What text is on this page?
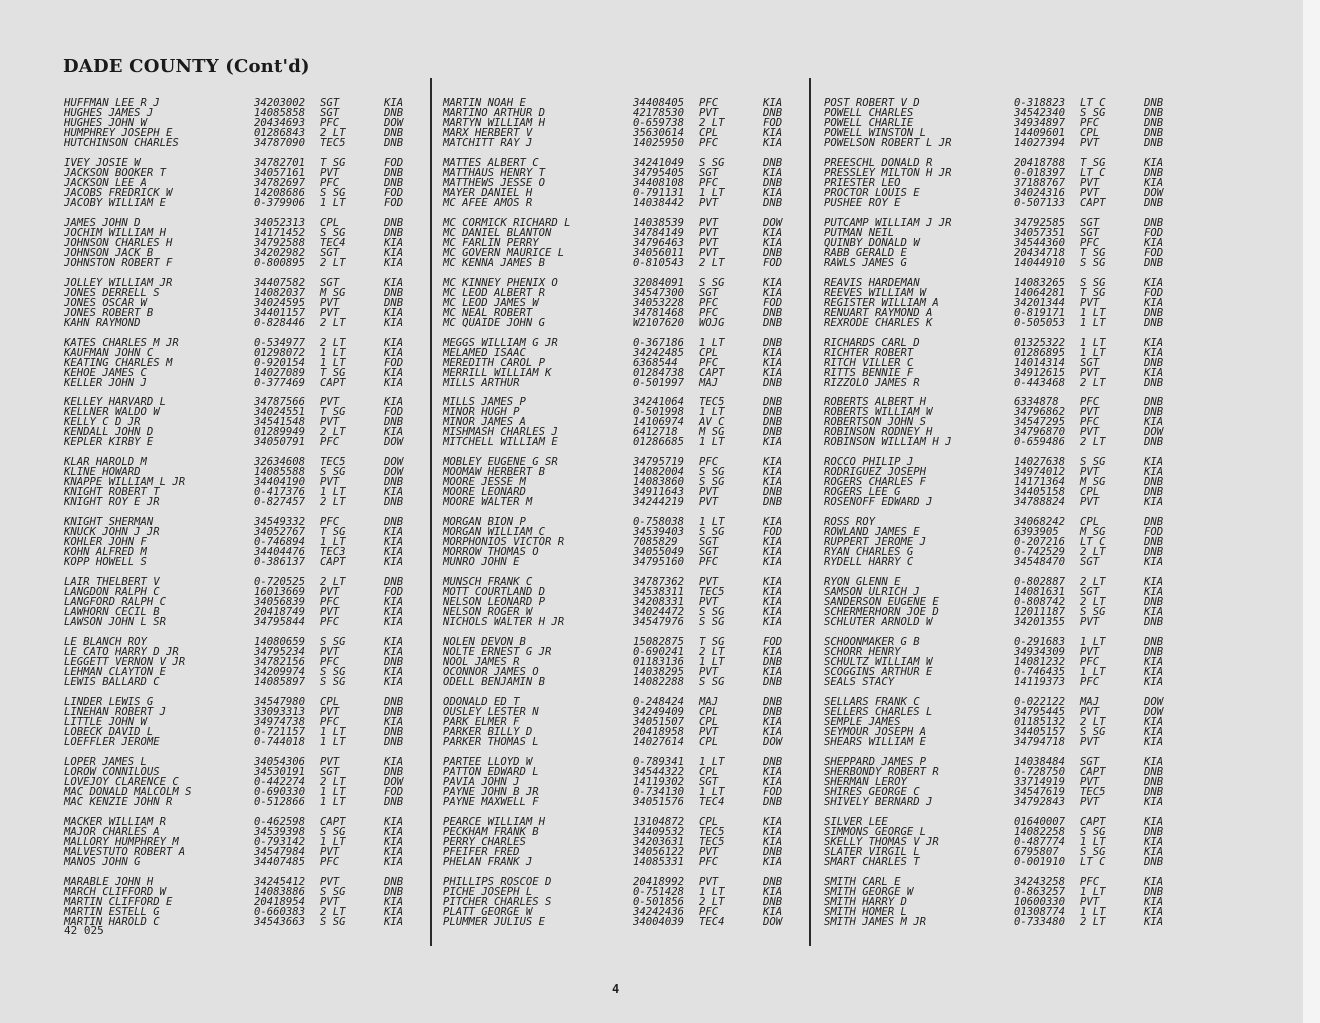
DADE COUNTY (Cont'd)
HUFFMAN LEE R J	34203002 SGT	KIA
HUGHES JAMES J	14085858 SGT	DNB
HUGHES JOHN W	20434693 PFC	DOW
HUMPHREY JOSEPH E	01286843 2 LT	DNB
HUTCHINSON CHARLES	34787090 TEC5	DNB
IVEY JOSIE W	34782701 T SG	FOD
JACKSON BOOKER T	34057161 PVT	DNB
JACKSON LEE A	34782697 PFC	DNB
JACOBS FREDRICK W	14208686 S SG	FOD
JACOBY WILLIAM E	0-379906 1 LT	FOD
JAMES JOHN D	34052313 CPL	DNB
JOCHIM WILLIAM H	14171452 S SG	DNB
JOHNSON CHARLES H	34792588 TEC4	KIA
JOHNSON JACK B	34202982 SGT	KIA
JOHNSTON ROBERT F	0-800895 2 LT	KIA
JOLLEY WILLIAM JR	34407582 SGT	KIA
JONES DERRELL S	14082037 M SG	DNB
JONES OSCAR W	34024595 PVT	DNB
JONES ROBERT B	34401157 PVT	KIA
KAHN RAYMOND	0-828446 2 LT	KIA
KATES CHARLES M JR	0-534977 2 LT	KIA
KAUFMAN JOHN C	01298072 1 LT	KIA
KEATING CHARLES M	0-920154 1 LT	FOD
KEHOE JAMES C	14027089 T SG	KIA
KELLER JOHN J	0-377469 CAPT	KIA
KELLEY HARVARD L	34787566 PVT	KIA
KELLNER WALDO W	34024551 T SG	FOD
KELLY C D JR	34541548 PVT	DNB
KENDALL JOHN D	01289949 2 LT	KIA
KEPLER KIRBY E	34050791 PFC	DOW
KLAR HAROLD M	32634608 TEC5	DOW
KLINE HOWARD	14085588 S SG	DOW
KNAPPE WILLIAM L JR	34404190 PVT	DNB
KNIGHT ROBERT T	0-417376 1 LT	KIA
KNIGHT ROY E JR	0-827457 2 LT	DNB
KNIGHT SHERMAN	34549332 PFC	DNB
KNUCK JOHN J JR	34052767 T SG	KIA
KOHLER JOHN F	0-746894 1 LT	KIA
KOHN ALFRED M	34404476 TEC3	KIA
KOPP HOWELL S	0-386137 CAPT	KIA
LAIR THELBERT V	0-720525 2 LT	DNB
LANGDON RALPH C	16013669 PVT	FOD
LANGFORD RALPH C	34056839 PFC	KIA
LAWHORN CECIL B	20418749 PVT	KIA
LAWSON JOHN L SR	34795844 PFC	KIA
LE BLANCH ROY	14080659 S SG	KIA
LE CATO HARRY D JR	34795234 PVT	KIA
LEGGETT VERNON V JR	34782156 PFC	DNB
LEHMAN CLAYTON E	34209974 S SG	KIA
LEWIS BALLARD C	14085897 S SG	KIA
LINDER LEWIS G	34547980 CPL	DNB
LINEHAN ROBERT J	33093313 PVT	DNB
LITTLE JOHN W	34974738 PFC	KIA
LOBECK DAVID L	0-721157 1 LT	DNB
LOEFFLER JEROME	0-744018 1 LT	DNB
LOPER JAMES L	34054306 PVT	KIA
LOROW CONNILOUS	34530191 SGT	DNB
LOVEJOY CLARENCE C	0-442274 2 LT	DOW
MAC DONALD MALCOLM S	0-690330 1 LT	FOD
MAC KENZIE JOHN R	0-512866 1 LT	DNB
MACKER WILLIAM R	0-462598 CAPT	KIA
MAJOR CHARLES A	34539398 S SG	KIA
MALLORY HUMPHREY M	0-793142 1 LT	KIA
MALVESTUTO ROBERT A	34547984 PVT	KIA
MANOS JOHN G	34407485 PFC	KIA
MARABLE JOHN H	34245412 PVT	DNB
MARCH CLIFFORD W	14083886 S SG	DNB
MARTIN CLIFFORD E	20418954 PVT	KIA
MARTIN ESTELL G	0-660383 2 LT	KIA
MARTIN HAROLD C	34543663 S SG	KIA
MARTIN NOAH E	34408405 PFC	KIA
MARTINO ARTHUR D	42178530 PVT	DNB
MARTYN WILLIAM H	0-659738 2 LT	FOD
MARX HERBERT V	35630614 CPL	KIA
MATCHITT RAY J	14025950 PFC	KIA
MATTES ALBERT C	34241049 S SG	DNB
MATTHAUS HENRY T	34795405 SGT	KIA
MATTHEWS JESSE O	34408108 PFC	DNB
MAYER DANIEL H	0-791131 1 LT	KIA
MC AFEE AMOS R	14038442 PVT	DNB
MC CORMICK RICHARD L	14038539 PVT	DOW
MC DANIEL BLANTON	34784149 PVT	KIA
MC FARLIN PERRY	34796463 PVT	KIA
MC GOVERN MAURICE L	34056011 PVT	DNB
MC KENNA JAMES B	0-810543 2 LT	FOD
MC KINNEY PHENIX O	32084091 S SG	KIA
MC LEOD ALBERT R	34547300 SGT	KIA
MC LEOD JAMES W	34053228 PFC	FOD
MC NEAL ROBERT	34781468 PFC	DNB
MC QUAIDE JOHN G	W2107620 WOJG	DNB
MEGGS WILLIAM G JR	0-367186 1 LT	DNB
MELAMED ISAAC	34242485 CPL	KIA
MEREDITH CAROL P	6368544 PFC	KIA
MERRILL WILLIAM K	01284738 CAPT	KIA
MILLS ARTHUR	0-501997 MAJ	DNB
MILLS JAMES P	34241064 TEC5	DNB
MINOR HUGH P	0-501998 1 LT	DNB
MINOR JAMES A	14106974 AV C	DNB
MISHMASH CHARLES J	6412718 M SG	DNB
MITCHELL WILLIAM E	01286685 1 LT	KIA
MOBLEY EUGENE G SR	34795719 PFC	KIA
MOOMAW HERBERT B	14082004 S SG	KIA
MOORE JESSE M	14083860 S SG	KIA
MOORE LEONARD	34911643 PVT	DNB
MOORE WALTER M	34244219 PVT	DNB
MORGAN BION P	0-758038 1 LT	KIA
MORGAN WILLIAM C	34539403 S SG	FOD
MORPHONIOS VICTOR R	7085829 SGT	KIA
MORROW THOMAS O	34055049 SGT	KIA
MUNRO JOHN E	34795160 PFC	KIA
MUNSCH FRANK C	34787362 PVT	KIA
MOTT COURTLAND D	34538311 TEC5	KIA
NELSON LEONARD P	34208331 PVT	KIA
NELSON ROGER W	34024472 S SG	KIA
NICHOLS WALTER H JR	34547976 S SG	KIA
NOLEN DEVON B	15082875 T SG	FOD
NOLTE ERNEST G JR	0-690241 2 LT	KIA
NOOL JAMES R	01183136 1 LT	DNB
OCONNOR JAMES O	14038295 PVT	KIA
ODELL BENJAMIN B	14082288 S SG	DNB
ODONALD ED T	0-248424 MAJ	DNB
OUSLEY LESTER N	34249409 CPL	DNB
PARK ELMER F	34051507 CPL	KIA
PARKER BILLY D	20418958 PVT	KIA
PARKER THOMAS L	14027614 CPL	DOW
PARTEE LLOYD W	0-789341 1 LT	DNB
PATTON EDWARD L	34544322 CPL	KIA
PAVIA JOHN J	14119302 SGT	KIA
PAYNE JOHN B JR	0-734130 1 LT	FOD
PAYNE MAXWELL F	34051576 TEC4	DNB
PEARCE WILLIAM H	13104872 CPL	KIA
PECKHAM FRANK B	34409532 TEC5	KIA
PERRY CHARLES	34203631 TEC5	KIA
PFEIFER FRED	34056122 PVT	DNB
PHELAN FRANK J	14085331 PFC	KIA
PHILLIPS ROSCOE D	20418992 PVT	DNB
PICHE JOSEPH L	0-751428 1 LT	KIA
PITCHER CHARLES S	0-501856 2 LT	DNB
PLATT GEORGE W	34242436 PFC	KIA
PLUMMER JULIUS E	34004039 TEC4	DOW
POST ROBERT V D	0-318823 LT C	DNB
POWELL CHARLES	34542340 S SG	DNB
POWELL CHARLIE	34934897 PFC	DNB
POWELL WINSTON L	14409601 CPL	DNB
POWELSON ROBERT L JR	14027394 PVT	DNB
PREESCHL DONALD R	20418788 T SG	KIA
PRESSLEY MILTON H JR	0-018397 LT C	DNB
PRIESTER LEO	37188767 PVT	KIA
PROCTOR LOUIS E	34024316 PVT	DOW
PUSHEE ROY E	0-507133 CAPT	DNB
PUTCAMP WILLIAM J JR	34792585 SGT	DNB
PUTMAN NEIL	34057351 SGT	FOD
QUINBY DONALD W	34544360 PFC	KIA
RABB GERALD E	20434718 T SG	FOD
RAWLS JAMES G	14044910 S SG	DNB
REAVIS HARDEMAN	14083265 S SG	KIA
REEVES WILLIAM W	14064281 T SG	FOD
REGISTER WILLIAM A	34201344 PVT	KIA
RENUART RAYMOND A	0-819171 1 LT	DNB
REXRODE CHARLES K	0-505053 1 LT	DNB
RICHARDS CARL D	01325322 1 LT	KIA
RICHTER ROBERT	01286895 1 LT	KIA
RITCH VILLER C	14014314 SGT	DNB
RITTS BENNIE F	34912615 PVT	KIA
RIZZOLO JAMES R	0-443468 2 LT	DNB
ROBERTS ALBERT H	6334878 PFC	DNB
ROBERTS WILLIAM W	34796862 PVT	DNB
ROBERTSON JOHN S	34547295 PFC	KIA
ROBINSON RODNEY H	34796870 PVT	DOW
ROBINSON WILLIAM H J	0-659486 2 LT	DNB
ROCCO PHILIP J	14027638 S SG	KIA
RODRIGUEZ JOSEPH	34974012 PVT	KIA
ROGERS CHARLES F	14171364 M SG	DNB
ROGERS LEE G	34405158 CPL	DNB
ROSENOFF EDWARD J	34788824 PVT	KIA
ROSS ROY	34068242 CPL	DNB
ROWLAND JAMES E	6393905 M SG	FOD
RUPPERT JEROME J	0-207216 LT C	DNB
RYAN CHARLES G	0-742529 2 LT	DNB
RYDELL HARRY C	34548470 SGT	KIA
RYON GLENN E	0-802887 2 LT	KIA
SAMSON ULRICH J	14081631 SGT	KIA
SANDERSON EUGENE E	0-808742 2 LT	DNB
SCHERMERHORN JOE D	12011187 S SG	KIA
SCHLUTER ARNOLD W	34201355 PVT	DNB
SCHOONMAKER G B	0-291683 1 LT	DNB
SCHORR HENRY	34934309 PVT	DNB
SCHULTZ WILLIAM W	14081232 PFC	KIA
SCOGGINS ARTHUR E	0-746435 1 LT	KIA
SEALS STACY	14119373 PFC	KIA
SELLARS FRANK C	0-022122 MAJ	DOW
SELLERS CHARLES L	34795445 PVT	DOW
SEMPLE JAMES	01185132 2 LT	KIA
SEYMOUR JOSEPH A	34405157 S SG	KIA
SHEARS WILLIAM E	34794718 PVT	KIA
SHEPPARD JAMES P	14038484 SGT	KIA
SHERBONDY ROBERT R	0-728750 CAPT	DNB
SHERMAN LEROY	33714919 PVT	DNB
SHIRES GEORGE C	34547619 TEC5	DNB
SHIVELY BERNARD J	34792843 PVT	KIA
SILVER LEE	01640007 CAPT	KIA
SIMMONS GEORGE L	14082258 S SG	DNB
SKELLY THOMAS V JR	0-487774 1 LT	KIA
SLATER VIRGIL L	6795807 S SG	KIA
SMART CHARLES T	0-001910 LT C	DNB
SMITH CARL E	34243258 PFC	KIA
SMITH GEORGE W	0-863257 1 LT	DNB
SMITH HARRY D	10600330 PVT	KIA
SMITH HOMER L	01308774 1 LT	KIA
SMITH JAMES M JR	0-733480 2 LT	KIA
42 025
4
